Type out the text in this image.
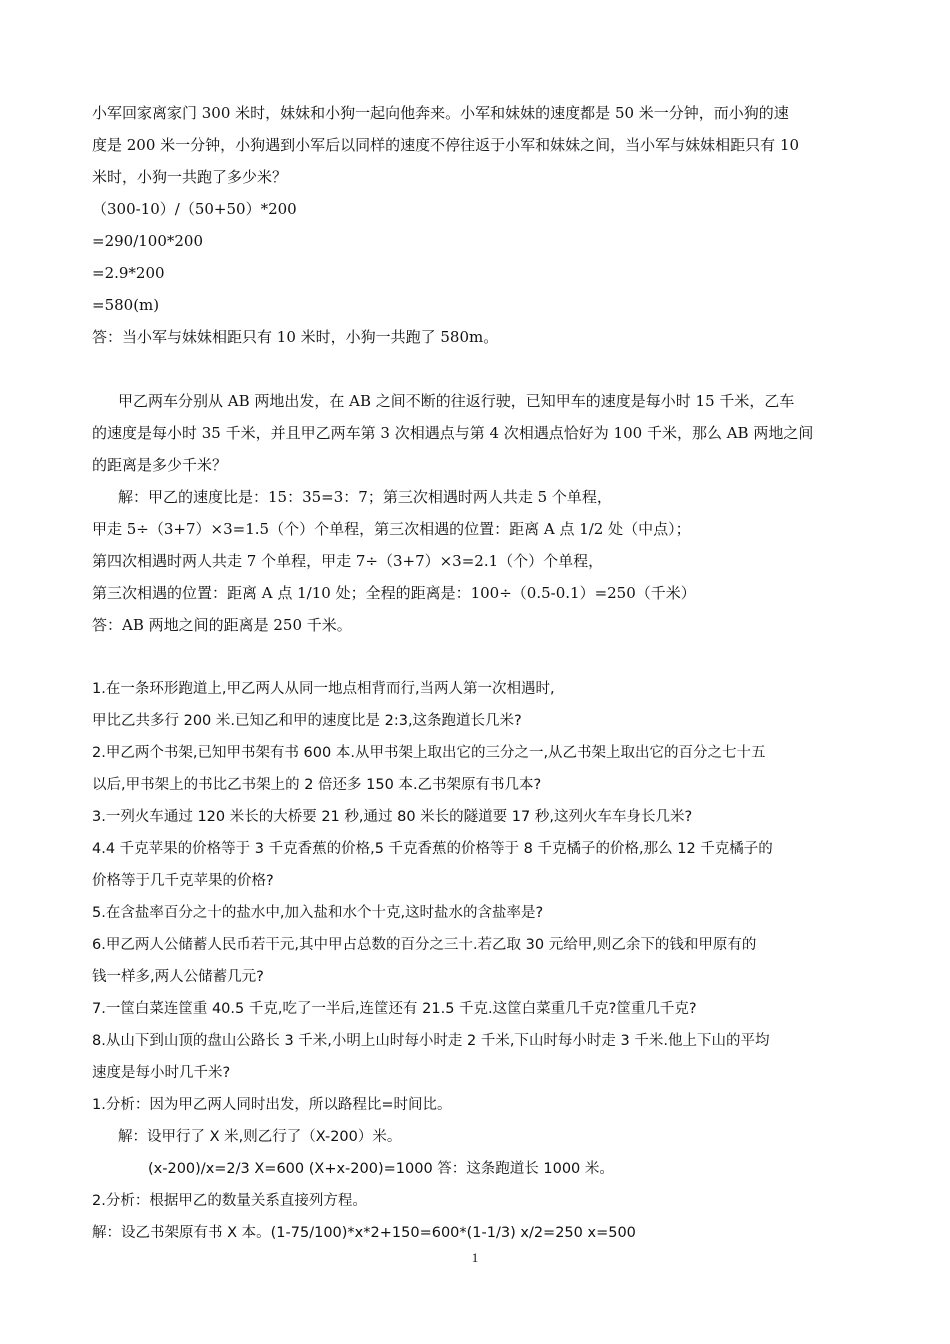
小军回家离家门 300 米时，妹妹和小狗一起向他奔来。小军和妹妹的速度都是 50 米一分钟，而小狗的速
度是 200 米一分钟，小狗遇到小军后以同样的速度不停往返于小军和妹妹之间，当小军与妹妹相距只有 10
米时，小狗一共跑了多少米？
（300-10）/（50+50）*200
=290/100*200
=2.9*200
=580(m)
答：当小军与妹妹相距只有 10 米时，小狗一共跑了 580m。
甲乙两车分别从 AB 两地出发，在 AB 之间不断的往返行驶，已知甲车的速度是每小时 15 千米，乙车
的速度是每小时 35 千米，并且甲乙两车第 3 次相遇点与第 4 次相遇点恰好为 100 千米，那么 AB 两地之间
的距离是多少千米？
解：甲乙的速度比是：15：35=3：7；第三次相遇时两人共走 5 个单程，
甲走 5÷（3+7）×3=1.5（个）个单程，第三次相遇的位置：距离 A 点 1/2 处（中点）；
第四次相遇时两人共走 7 个单程，甲走 7÷（3+7）×3=2.1（个）个单程，
第三次相遇的位置：距离 A 点 1/10 处；全程的距离是：100÷（0.5-0.1）=250（千米）
答：AB 两地之间的距离是 250 千米。
1.在一条环形跑道上,甲乙两人从同一地点相背而行,当两人第一次相遇时,
甲比乙共多行 200 米.已知乙和甲的速度比是 2:3,这条跑道长几米?
2.甲乙两个书架,已知甲书架有书 600 本.从甲书架上取出它的三分之一,从乙书架上取出它的百分之七十五
以后,甲书架上的书比乙书架上的 2 倍还多 150 本.乙书架原有书几本?
3.一列火车通过 120 米长的大桥要 21 秒,通过 80 米长的隧道要 17 秒,这列火车车身长几米?
4.4 千克苹果的价格等于 3 千克香蕉的价格,5 千克香蕉的价格等于 8 千克橘子的价格,那么 12 千克橘子的
价格等于几千克苹果的价格?
5.在含盐率百分之十的盐水中,加入盐和水个十克,这时盐水的含盐率是?
6.甲乙两人公储蓄人民币若干元,其中甲占总数的百分之三十.若乙取 30 元给甲,则乙余下的钱和甲原有的
钱一样多,两人公储蓄几元?
7.一筐白菜连筐重 40.5 千克,吃了一半后,连筐还有 21.5 千克.这筐白菜重几千克?筐重几千克?
8.从山下到山顶的盘山公路长 3 千米,小明上山时每小时走 2 千米,下山时每小时走 3 千米.他上下山的平均
速度是每小时几千米?
1.分析：因为甲乙两人同时出发，所以路程比=时间比。
解：设甲行了 X 米,则乙行了（X-200）米。
(x-200)/x=2/3 X=600 (X+x-200)=1000 答：这条跑道长 1000 米。
2.分析：根据甲乙的数量关系直接列方程。
解：设乙书架原有书 X 本。(1-75/100)*x*2+150=600*(1-1/3) x/2=250 x=500
1
